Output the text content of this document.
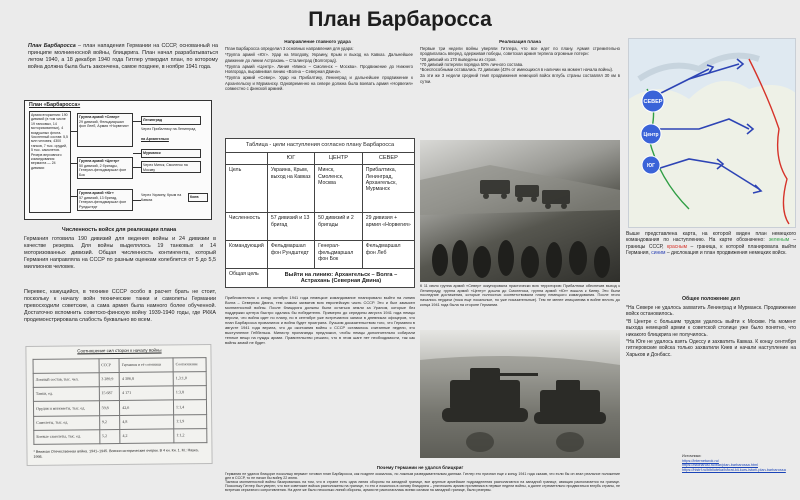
План Барбаросса
План Барбаросса – план нападения Германии на СССР, основанный на принципе молниеносной войны, блицкрига. План начал разрабатываться летом 1940, а 18 декабря 1940 года Гитлер утвердил план, по которому война должна была быть закончена, самое позднее, в ноябре 1941 года.
План «Барбаросса»
Армия вторжения: 190 дивизий (в том числе 19 танковых, 14 моторизованных), 4 воздушных флота. Численный состав: 5,5 млн человек, 4300 танков, 7 тыс. орудий, 5 тыс. самолетов. Резерв верховного командования вермахта — 24 дивизии
Группа армий «Север»
29 дивизий, Фельдмаршал фон Лееб, Армия «Норвегия»
Ленинград
Через Прибалтику на Ленинград
на Архангельск
Мурманск
Группа армий «Центр»
50 дивизий, 2 бригады, Генерал-фельдмаршал фон Бок
Через Минск, Смоленск на Москву
Группа армий «Юг»
57 дивизий, 13 бригад, Генерал-фельдмаршал фон Рундштедт
Через Украину, Крым на Кавказ
Киев
Численность войск для реализации плана
Германия готовила 190 дивизий для ведения войны и 24 дивизии в качестве резерва. Для войны выделялось 19 танковых и 14 моторизованных дивизий. Общая численность контингента, который Германия направляла на СССР по разным оценкам колеблется от 5 до 5,5 миллионов человек.
Перевес, кажущийся, в технике СССР особо в расчет брать не стоит, поскольку к началу войн технические танки и самолеты Германии превосходили советские, а сама армия была намного более обученной. Достаточно вспомнить советско-финскую войну 1939-1940 годы, где РККА продемонстрировала слабость буквально во всем.
Соотношение сил сторон к началу войны
	СССР	Германия и её союзники	Соотношение
Личный состав, тыс. чел.	3 289,9	4 306,8	1,3:1,0
Танки, ед.	15 687	4 171	1:3,8
Орудия и минометы, тыс. ед.	59,8	42,6	1:1,4
Самолеты, тыс. ед.	9,2	4,8	1:1,9
Боевые самолеты, тыс. ед.	5,2	4,2	1:1,2
* Великая Отечественная война. 1941–1945. Военно-исторические очерки. В 4 кн. Кн. 1. М.: Наука, 1998.
Направление главного удара
План Барбаросса определил 3 основных направления для удара:
*Группа армий «Юг». Удар на Молдову, Украину, Крым и выход на Кавказ. Дальнейшее движение до линии Астрахань – Сталинград (Волгоград).
*Группа армий «Центр». Линия «Минск – Смоленск – Москва». Продвижение до Нижнего Новгорода, выравнивая линию «Волна – Северная Двина».
*Группа армий «Север». Удар на Прибалтику, Ленинград и дальнейшее продвижение к Архангельску и Мурманску. Одновременно на севере должна была воевать армия «Норвегия» совместно с финской армией.
Таблица - цели наступления согласно плану Барбаросса			
	ЮГ	ЦЕНТР	СЕВЕР
Цель	Украина, Крым, выход на Кавказ	Минск, Смоленск, Москва	Прибалтика, Ленинград, Архангельск, Мурманск
Численность	57 дивизий и 13 бригад	50 дивизий и 2 бригады	29 дивизия + армия «Норвегия»
Командующий	Фельдмаршал фон Рундштедт	Генерал-фельдмаршал фон Бок	Фельдмаршал фон Леб
Общая цель	Выйти на линию: Архангельск – Волга – Астрахань (Северная Двина)		
Реализация плана
Первые три недели войны уверяли Гитлера, что все идет по плану. Армия стремительно продвигалась вперед, одерживая победы, советская армия терпела огромные потери:
*28 дивизий из 170 выведены из строя.
*70 дивизий потеряли порядка 50% личного состава.
*Боеспособными оставались 72 дивизии (43% от имеющихся в наличии на момент начала войны).
За эти же 3 недели средний темп продвижения немецкой войск вглубь страны составлял 30 км в сутки.
К 11 июля группа армий «Север» оккупировала практически всю территорию Прибалтики обеспечив выход к Ленинграду, группа армий «Центр» дошла до Смоленска, группа армий «Юг» вышла к Киеву. Это были последние достижения, которые полностью соответствовали плану немецкого командования. После этого начались неудачи (пока еще локальные, но уже показательные). Тем не менее инициатива в войне вплоть до конца 1941 года была на стороне Германии.
Приблизительно к концу октября 1941 года немецкое командование планировало выйти на линию Волга – Северная Двина, тем самым захватив всю европейскую часть СССР. Это и был замысел молниеносной войны. После блицкрига должны были остаться земли за Уралом, которые без поддержки центра быстро сдались бы победителю. Примерно до середины августа 1941 года немцы верили, что война идет по плану, но в сентябре уже встречаются записи в дневниках офицеров, что план Барбаросса провалился и война будет проиграна. Лучшим доказательством того, что Германия в августе 1941 года верила, что до окончания войны с СССР оставалось считанные недели, это выступление Геббельса. Министр пропаганды предложил, чтобы немцы дополнительно собирали теплые вещи на нужды армии. Правительство решило, что в этом шаге нет необходимости, так как войны зимой не будет.
Почему Германии не удался блицкриг
Германия не удался блицкриг поскольку вермахт готовил план Барбаросса, как позднее оказалось, по ложным разведывательным данным. Гитлер это признал еще к концу 1941 года сказав, что если бы он знал реальное положение дел в СССР, то не начал бы войну 22 июня.
Тактика молниеносной войны базировалась на том, что в стране есть одна линия обороны на западной границе, все крупные армейские подразделения располагаются на западной границе, авиация располагается на границе. Поскольку Гитлер был уверен, что все советские войска расположены на границе, то это и ложилось в основу блицкрига – уничтожить армию противника в первые недели войны, а далее стремительно продвигаться вглубь страны, не встречая серьезного сопротивления. На деле же было несколько линий обороны, армия не располагалась всеми силами на западной границе, были резервы.
СЕВЕР
Центр
ЮГ
Выше представлена карта, на которой виден план немецкого командования по наступлению. На карте обозначено: зеленым – границы СССР, красным – граница, к которой планировала выйти Германия, синим – дислокация и план продвижения немецких войск.
Общее положение дел
*На Севере не удалось захватить Ленинград и Мурманск. Продвижение войск остановилось.
*В Центре с большим трудом удалось выйти к Москве. На момент выхода немецкой армии к советской столице уже было понятно, что никакого блицкрига не получилось.
*На Юге не удалось взять Одессу и захватить Кавказ. К концу сентября гитлеровские войска только захватили Киев и начали наступление на Харьков и Донбасс.
Источники:
https://interneturok.ru/
https://istoriarusi.ru/war/plan-barbarossa.html
https://histrf.ru/biblioteka/b/krat-kii-kurs-istorii-plan-barbarossa
